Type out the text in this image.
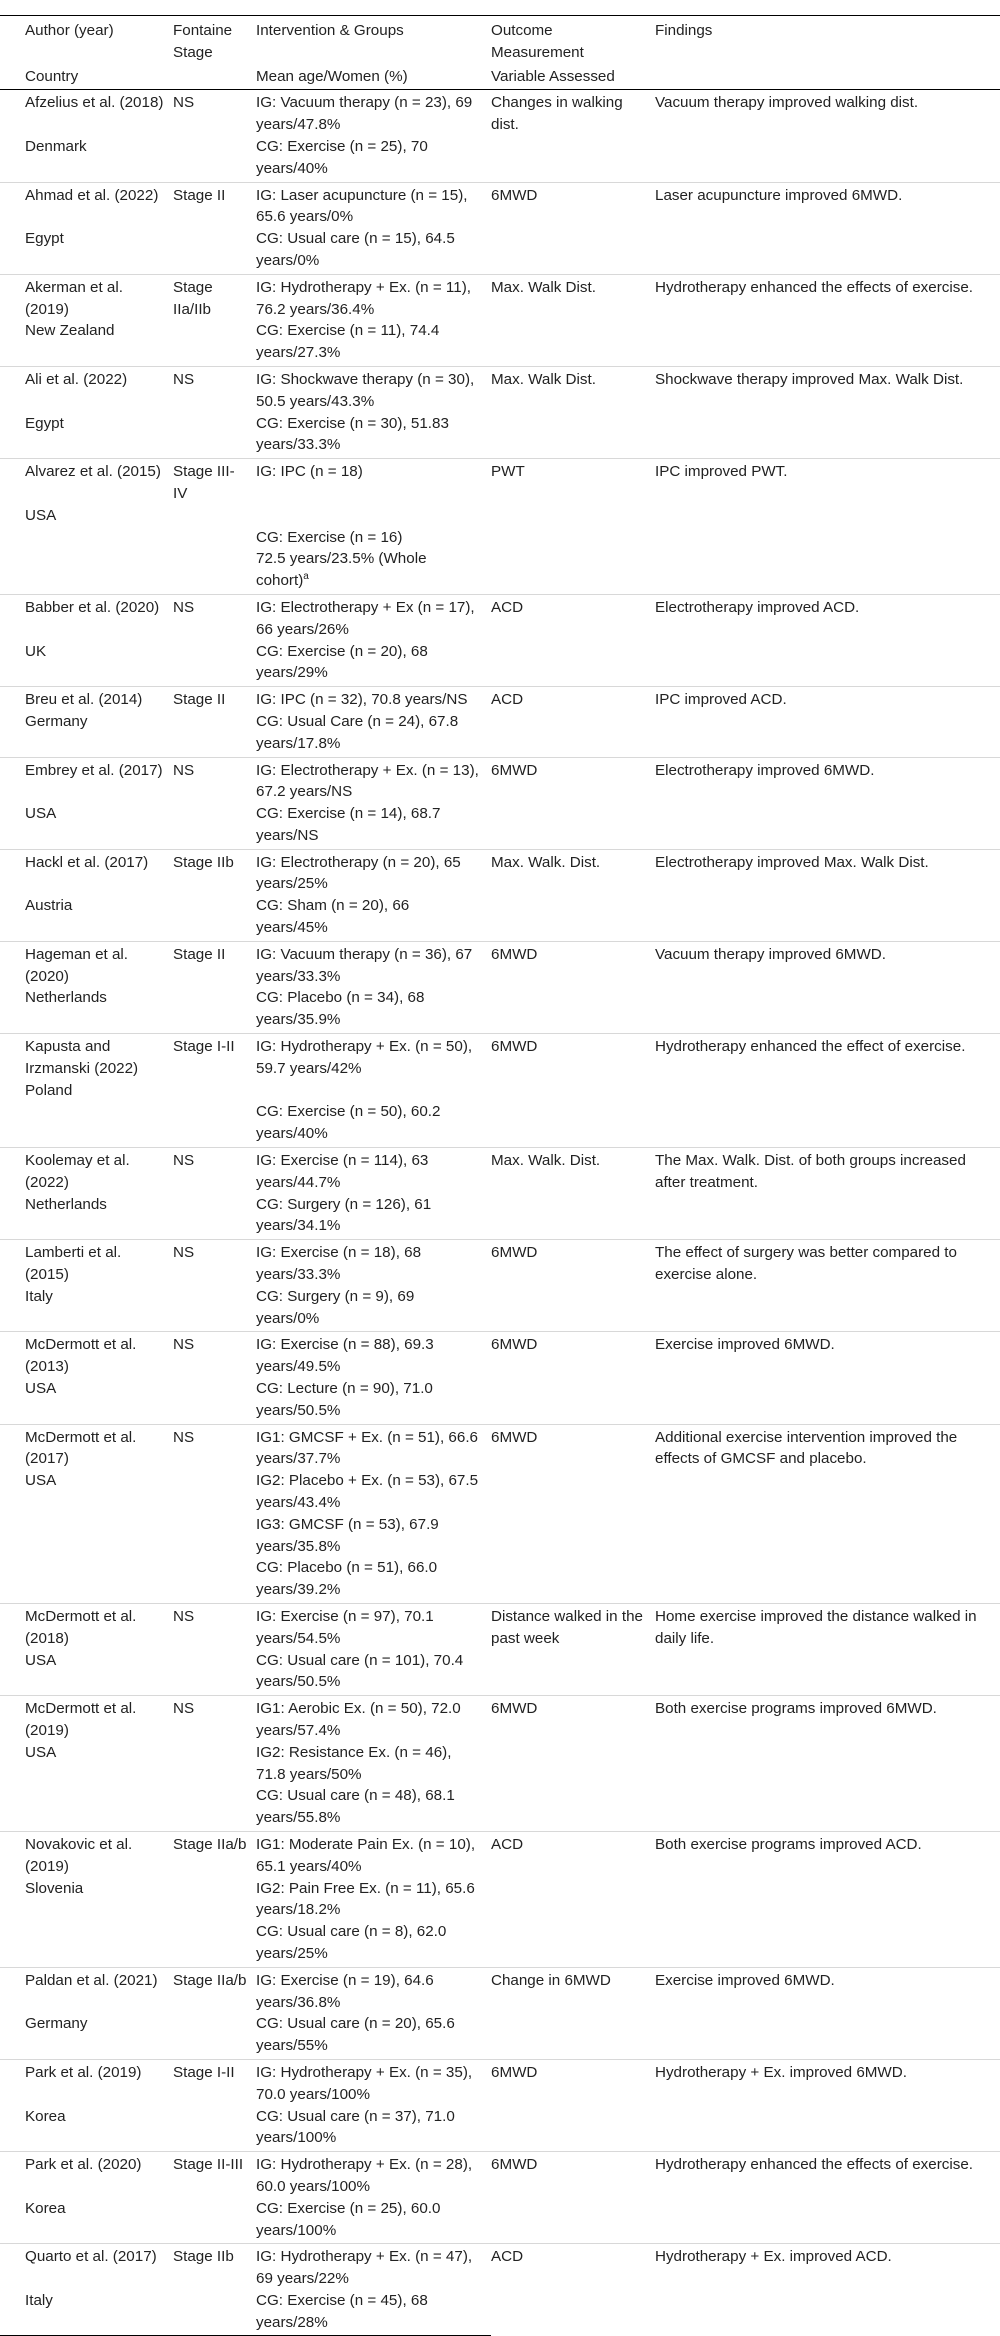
Author (year)	Fontaine Stage	Intervention & Groups	Outcome Measurement	Findings
Country		Mean age/Women (%)	Variable Assessed	
Afzelius et al. (2018)	NS	IG: Vacuum therapy (n = 23), 69 years/47.8%	Changes in walking dist.	Vacuum therapy improved walking dist.
Denmark		CG: Exercise (n = 25), 70 years/40%		
Ahmad et al. (2022)	Stage II	IG: Laser acupuncture (n = 15), 65.6 years/0%	6MWD	Laser acupuncture improved 6MWD.
Egypt		CG: Usual care (n = 15), 64.5 years/0%		
Akerman et al. (2019)	Stage IIa/IIb	IG: Hydrotherapy + Ex. (n = 11), 76.2 years/36.4%	Max. Walk Dist.	Hydrotherapy enhanced the effects of exercise.
New Zealand		CG: Exercise (n = 11), 74.4 years/27.3%		
Ali et al. (2022)	NS	IG: Shockwave therapy (n = 30), 50.5 years/43.3%	Max. Walk Dist.	Shockwave therapy improved Max. Walk Dist.
Egypt		CG: Exercise (n = 30), 51.83 years/33.3%		
Alvarez et al. (2015)	Stage III-IV	IG: IPC (n = 18)	PWT	IPC improved PWT.
USA				
		CG: Exercise (n = 16)		
		72.5 years/23.5% (Whole cohort)$^a$
Babber et al. (2020)	NS	IG: Electrotherapy + Ex (n = 17), 66 years/26%	ACD	Electrotherapy improved ACD.
UK		CG: Exercise (n = 20), 68 years/29%		
Breu et al. (2014)	Stage II	IG: IPC (n = 32), 70.8 years/NS	ACD	IPC improved ACD.
Germany		CG: Usual Care (n = 24), 67.8 years/17.8%		
Embrey et al. (2017)	NS	IG: Electrotherapy + Ex. (n = 13), 67.2 years/NS	6MWD	Electrotherapy improved 6MWD.
USA		CG: Exercise (n = 14), 68.7 years/NS		
Hackl et al. (2017)	Stage IIb	IG: Electrotherapy (n = 20), 65 years/25%	Max. Walk. Dist.	Electrotherapy improved Max. Walk Dist.
Austria		CG: Sham (n = 20), 66 years/45%		
Hageman et al. (2020)	Stage II	IG: Vacuum therapy (n = 36), 67 years/33.3%	6MWD	Vacuum therapy improved 6MWD.
Netherlands		CG: Placebo (n = 34), 68 years/35.9%		
Kapusta and Irzmanski (2022)	Stage I-II	IG: Hydrotherapy + Ex. (n = 50), 59.7 years/42%	6MWD	Hydrotherapy enhanced the effect of exercise.
Poland				
		CG: Exercise (n = 50), 60.2 years/40%		
Koolemay et al. (2022)	NS	IG: Exercise (n = 114), 63 years/44.7%	Max. Walk. Dist.	The Max. Walk. Dist. of both groups increased after treatment.
Netherlands		CG: Surgery (n = 126), 61 years/34.1%		
Lamberti et al. (2015)	NS	IG: Exercise (n = 18), 68 years/33.3%	6MWD	The effect of surgery was better compared to exercise alone.
Italy		CG: Surgery (n = 9), 69 years/0%		
McDermott et al. (2013)	NS	IG: Exercise (n = 88), 69.3 years/49.5%	6MWD	Exercise improved 6MWD.
USA		CG: Lecture (n = 90), 71.0 years/50.5%		
McDermott et al. (2017)	NS	IG1: GMCSF + Ex. (n = 51), 66.6 years/37.7%	6MWD	Additional exercise intervention improved the effects of GMCSF and placebo.
USA		IG2: Placebo + Ex. (n = 53), 67.5 years/43.4%		
		IG3: GMCSF (n = 53), 67.9 years/35.8%		
		CG: Placebo (n = 51), 66.0 years/39.2%		
McDermott et al. (2018)	NS	IG: Exercise (n = 97), 70.1 years/54.5%	Distance walked in the past week	Home exercise improved the distance walked in daily life.
USA		CG: Usual care (n = 101), 70.4 years/50.5%		
McDermott et al. (2019)	NS	IG1: Aerobic Ex. (n = 50), 72.0 years/57.4%	6MWD	Both exercise programs improved 6MWD.
USA		IG2: Resistance Ex. (n = 46), 71.8 years/50%		
		CG: Usual care (n = 48), 68.1 years/55.8%		
Novakovic et al. (2019)	Stage IIa/b	IG1: Moderate Pain Ex. (n = 10), 65.1 years/40%	ACD	Both exercise programs improved ACD.
Slovenia		IG2: Pain Free Ex. (n = 11), 65.6 years/18.2%		
		CG: Usual care (n = 8), 62.0 years/25%		
Paldan et al. (2021)	Stage IIa/b	IG: Exercise (n = 19), 64.6 years/36.8%	Change in 6MWD	Exercise improved 6MWD.
Germany		CG: Usual care (n = 20), 65.6 years/55%		
Park et al. (2019)	Stage I-II	IG: Hydrotherapy + Ex. (n = 35), 70.0 years/100%	6MWD	Hydrotherapy + Ex. improved 6MWD.
Korea		CG: Usual care (n = 37), 71.0 years/100%		
Park et al. (2020)	Stage II-III	IG: Hydrotherapy + Ex. (n = 28), 60.0 years/100%	6MWD	Hydrotherapy enhanced the effects of exercise.
Korea		CG: Exercise (n = 25), 60.0 years/100%		
Quarto et al. (2017)	Stage IIb	IG: Hydrotherapy + Ex. (n = 47), 69 years/22%	ACD	Hydrotherapy + Ex. improved ACD.
Italy		CG: Exercise (n = 45), 68 years/28%		
